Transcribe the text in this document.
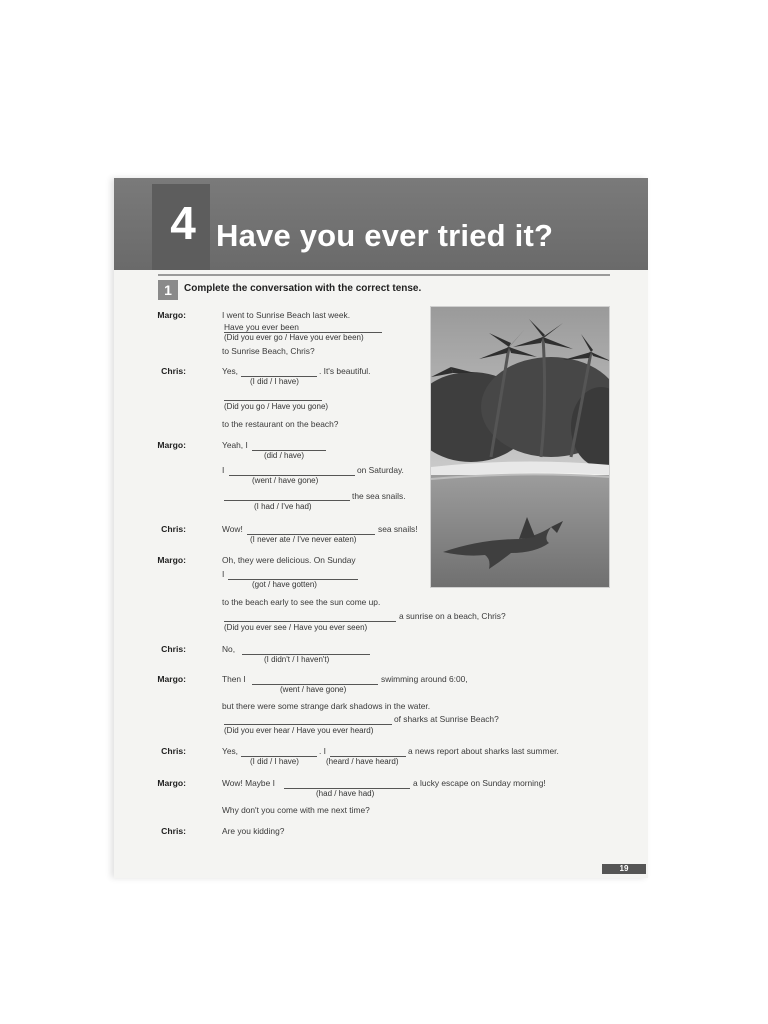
4 Have you ever tried it?
1	Complete the conversation with the correct tense.
Margo:	I went to Sunrise Beach last week.
Have you ever been
(Did you ever go / Have you ever been)
to Sunrise Beach, Chris?
Chris:	Yes,	. It's beautiful.
(I did / I have)
(Did you go / Have you gone)
to the restaurant on the beach?
Margo:	Yeah, I
(did / have)
I	on Saturday.
(went / have gone)
the sea snails.
(I had / I've had)
Chris:	Wow!	sea snails!
(I never ate / I've never eaten)
Margo:	Oh, they were delicious. On Sunday
I
(got / have gotten)
to the beach early to see the sun come up.
a sunrise on a beach, Chris?
(Did you ever see / Have you ever seen)
Chris:	No,
(I didn't / I haven't)
Margo:	Then I	swimming around 6:00,
(went / have gone)
but there were some strange dark shadows in the water.
of sharks at Sunrise Beach?
(Did you ever hear / Have you ever heard)
Chris:	Yes,	. I	a news report about sharks last summer.
(I did / I have)	(heard / have heard)
Margo:	Wow! Maybe I	a lucky escape on Sunday morning!
(had / have had)
Why don't you come with me next time?
Chris:	Are you kidding?
19
